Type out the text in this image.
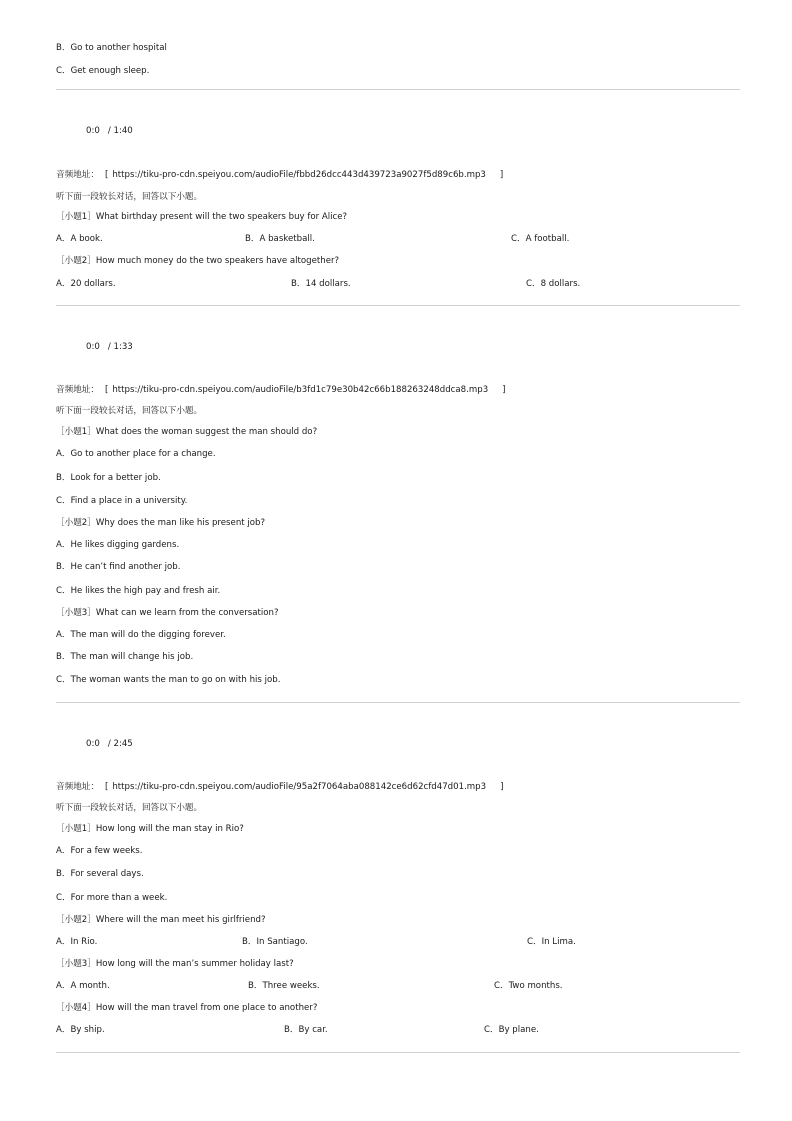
B．Go to another hospital
C．Get enough sleep.
0:0 / 1:40
音频地址： [ https://tiku-pro-cdn.speiyou.com/audioFile/fbbd26dcc443d439723a9027f5d89c6b.mp3 ]
听下面一段较长对话，回答以下小题。
［小题1］What birthday present will the two speakers buy for Alice?
A．A book.	B．A basketball.	C．A football.
［小题2］How much money do the two speakers have altogether?
A．20 dollars.	B．14 dollars.	C．8 dollars.
0:0 / 1:33
音频地址： [ https://tiku-pro-cdn.speiyou.com/audioFile/b3fd1c79e30b42c66b188263248ddca8.mp3 ]
听下面一段较长对话，回答以下小题。
［小题1］What does the woman suggest the man should do?
A．Go to another place for a change.
B．Look for a better job.
C．Find a place in a university.
［小题2］Why does the man like his present job?
A．He likes digging gardens.
B．He can’t find another job.
C．He likes the high pay and fresh air.
［小题3］What can we learn from the conversation?
A．The man will do the digging forever.
B．The man will change his job.
C．The woman wants the man to go on with his job.
0:0 / 2:45
音频地址： [ https://tiku-pro-cdn.speiyou.com/audioFile/95a2f7064aba088142ce6d62cfd47d01.mp3 ]
听下面一段较长对话，回答以下小题。
［小题1］How long will the man stay in Rio?
A．For a few weeks.
B．For several days.
C．For more than a week.
［小题2］Where will the man meet his girlfriend?
A．In Rio.	B．In Santiago.	C．In Lima.
［小题3］How long will the man’s summer holiday last?
A．A month.	B．Three weeks.	C．Two months.
［小题4］How will the man travel from one place to another?
A．By ship.	B．By car.	C．By plane.
